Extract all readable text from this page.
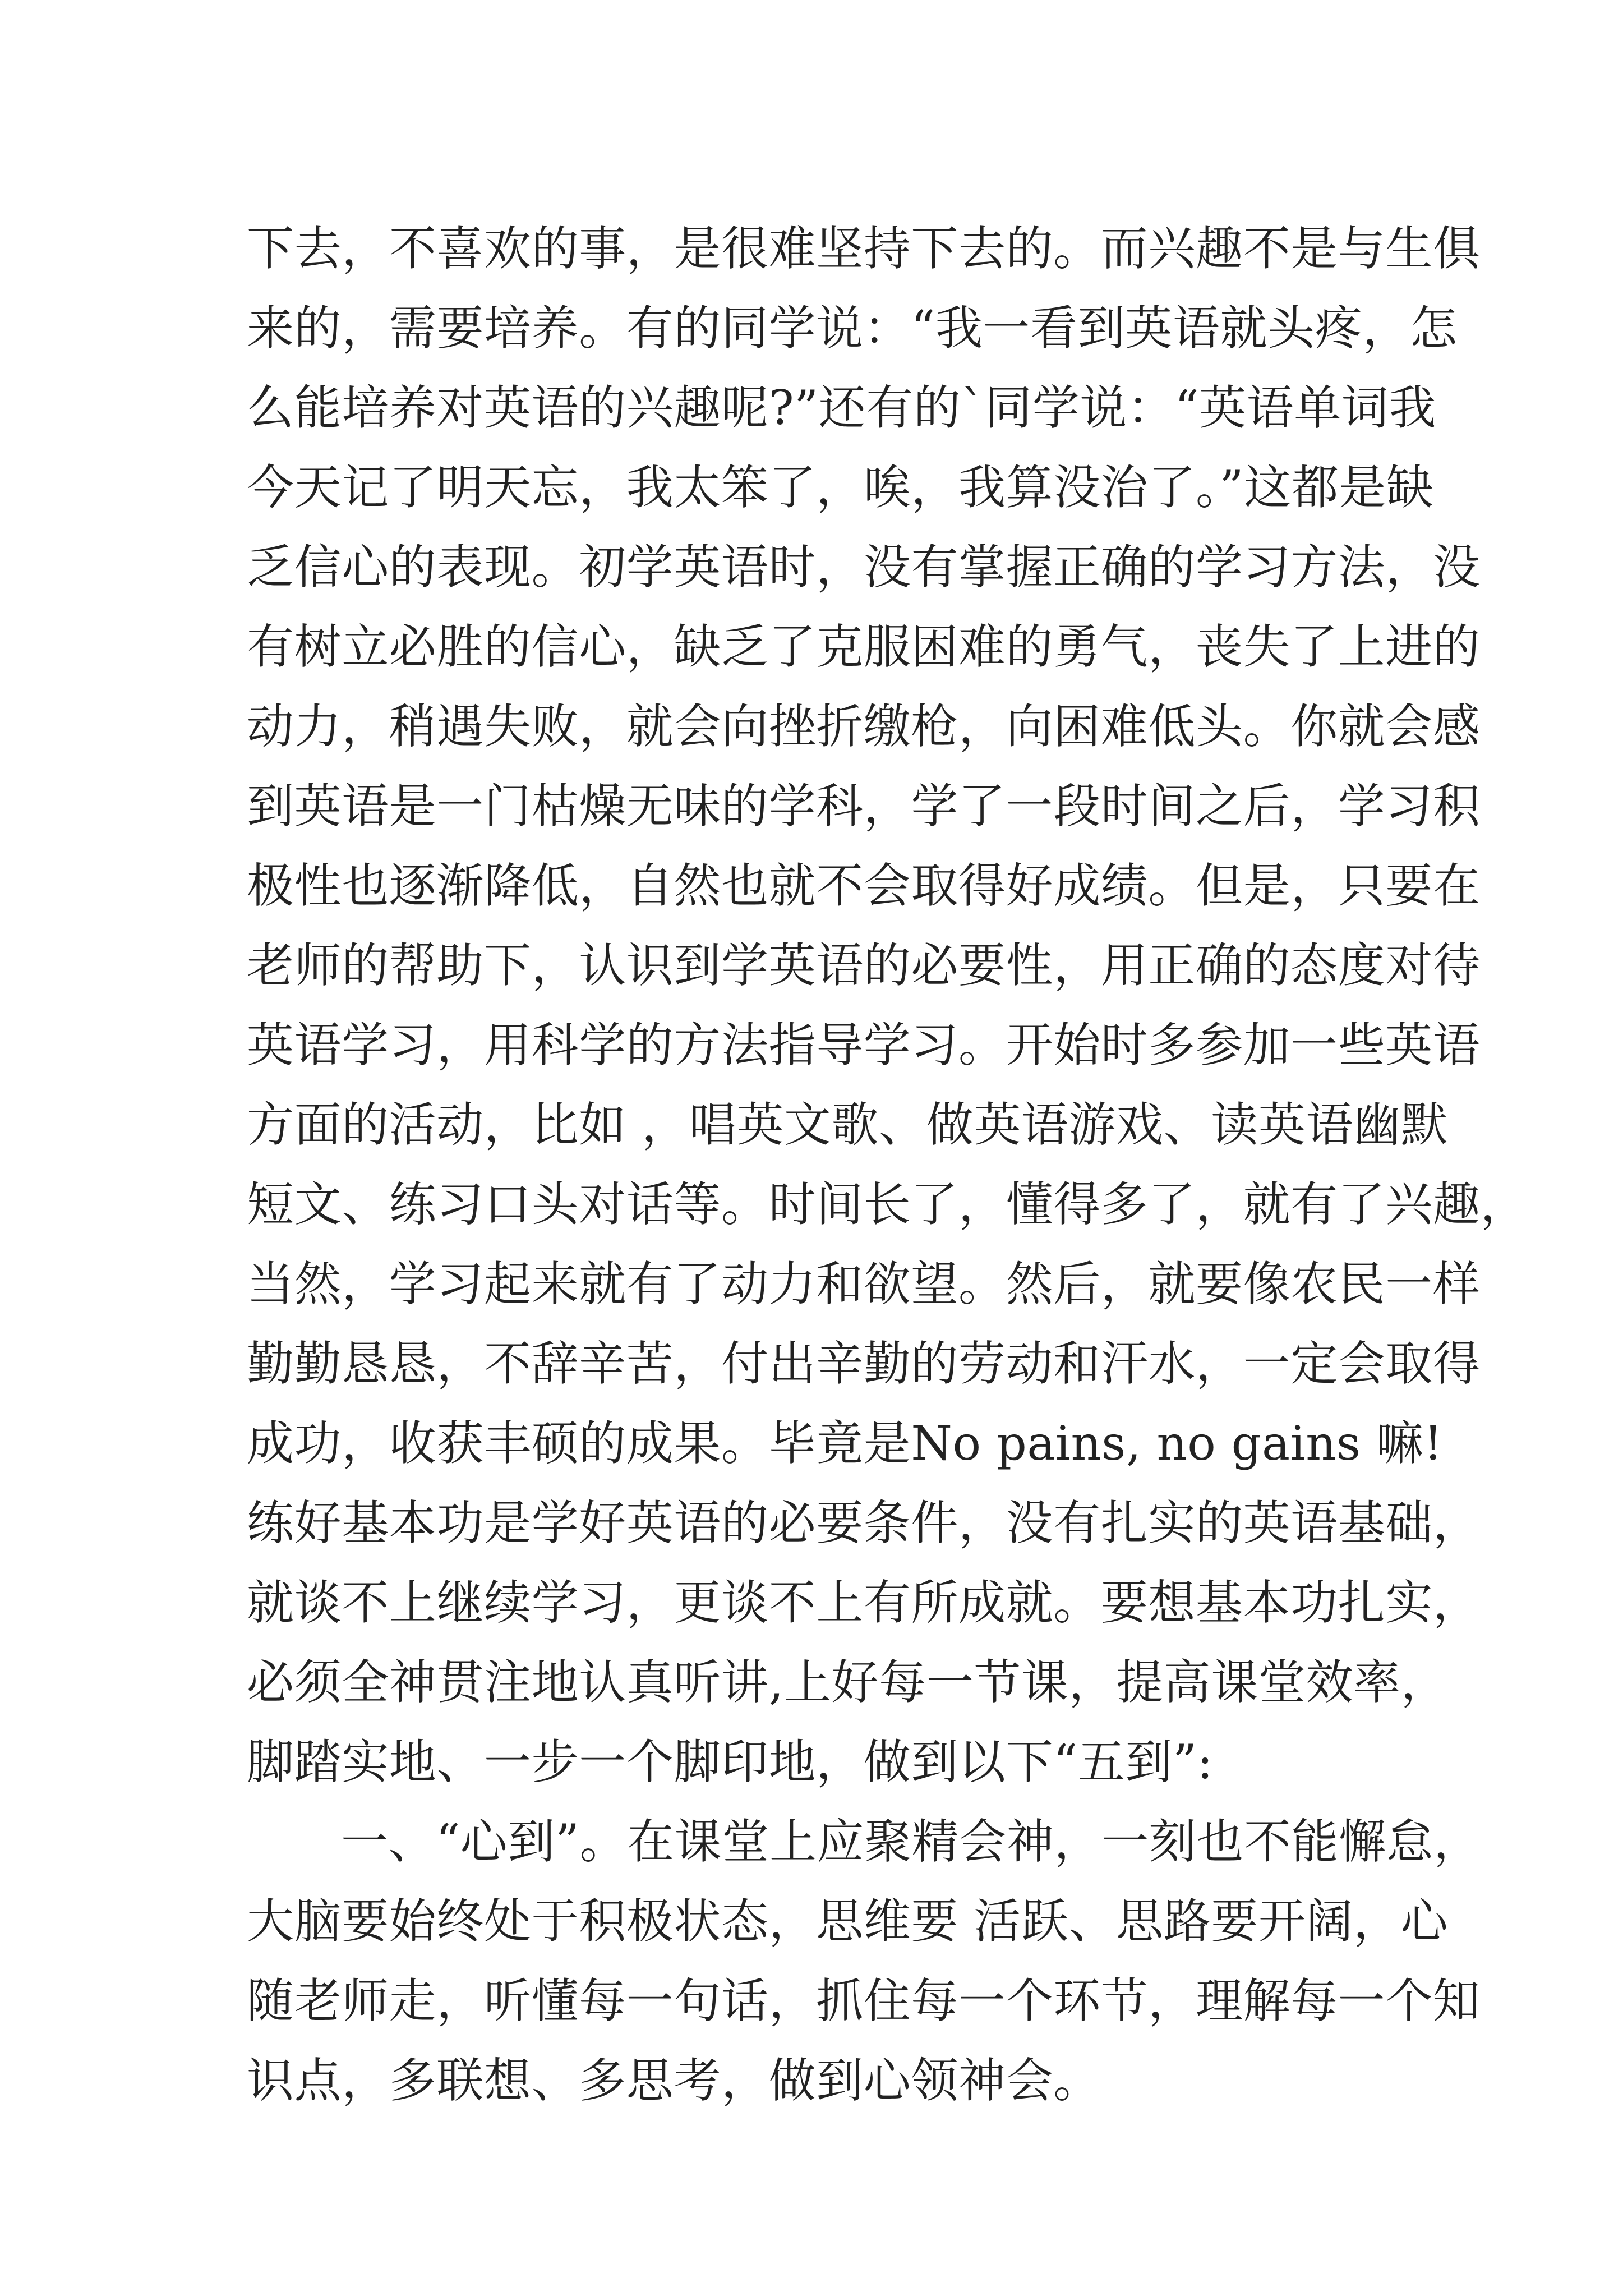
下去，不喜欢的事，是很难坚持下去的。而兴趣不是与生俱
来的，需要培养。有的同学说：“我一看到英语就头疼，怎
么能培养对英语的兴趣呢?”还有的`同学说：“英语单词我
今天记了明天忘，我太笨了，唉，我算没治了。”这都是缺
乏信心的表现。初学英语时，没有掌握正确的学习方法，没
有树立必胜的信心，缺乏了克服困难的勇气，丧失了上进的
动力，稍遇失败，就会向挫折缴枪，向困难低头。你就会感
到英语是一门枯燥无味的学科，学了一段时间之后，学习积
极性也逐渐降低，自然也就不会取得好成绩。但是，只要在
老师的帮助下，认识到学英语的必要性，用正确的态度对待
英语学习，用科学的方法指导学习。开始时多参加一些英语
方面的活动，比如 ，唱英文歌、做英语游戏、读英语幽默
短文、练习口头对话等。时间长了，懂得多了，就有了兴趣，
当然，学习起来就有了动力和欲望。然后，就要像农民一样
勤勤恳恳，不辞辛苦，付出辛勤的劳动和汗水，一定会取得
成功，收获丰硕的成果。毕竟是No pains, no gains 嘛!
练好基本功是学好英语的必要条件，没有扎实的英语基础，
就谈不上继续学习，更谈不上有所成就。要想基本功扎实，
必须全神贯注地认真听讲,上好每一节课，提高课堂效率，
脚踏实地、一步一个脚印地，做到以下“五到”:
一、“心到”。在课堂上应聚精会神，一刻也不能懈怠，
大脑要始终处于积极状态，思维要 活跃、思路要开阔，心
随老师走，听懂每一句话，抓住每一个环节，理解每一个知
识点，多联想、多思考，做到心领神会。
